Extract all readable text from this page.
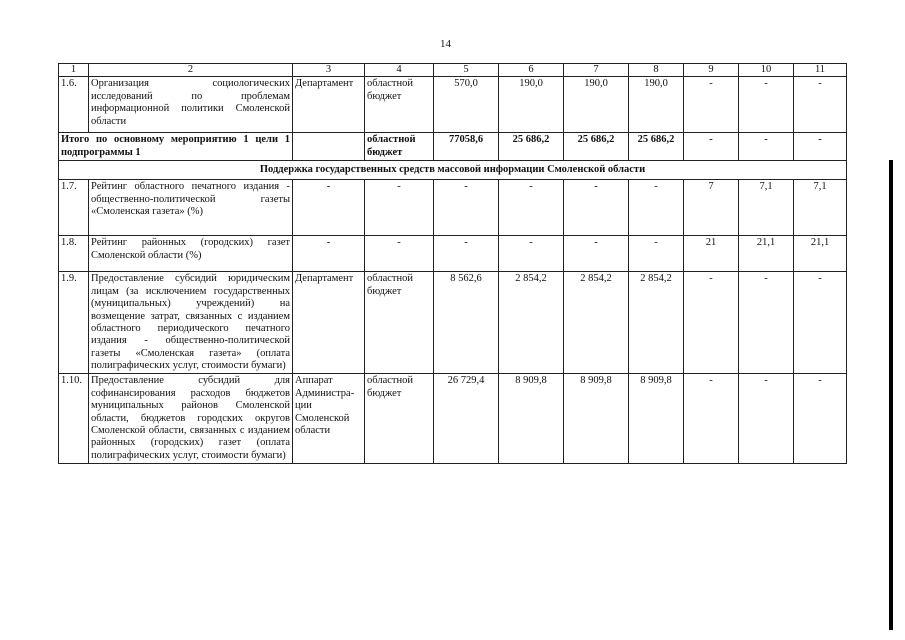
14
1	2	3	4	5	6	7	8	9	10	11
1.6.	Организация социологических исследований по проблемам информационной политики Смоленской области	Департамент	областной бюджет	570,0	190,0	190,0	190,0	-	-	-
Итого по основному мероприятию 1 цели 1 подпрограммы 1			областной бюджет	77058,6	25 686,2	25 686,2	25 686,2	-	-	-
Поддержка государственных средств массовой информации Смоленской области										
1.7.	Рейтинг областного печатного издания - общественно-политической газеты «Смоленская газета» (%)	-	-	-	-	-	-	7	7,1	7,1
1.8.	Рейтинг районных (городских) газет Смоленской области (%)	-	-	-	-	-	-	21	21,1	21,1
1.9.	Предоставление субсидий юридическим лицам (за исключением государственных (муниципальных) учреждений) на возмещение затрат, связанных с изданием областного периодического печатного издания - общественно-политической газеты «Смоленская газета» (оплата полиграфических услуг, стоимости бумаги)	Департамент	областной бюджет	8 562,6	2 854,2	2 854,2	2 854,2	-	-	-
1.10.	Предоставление субсидий для софинансирования расходов бюджетов муниципальных районов Смоленской области, бюджетов городских округов Смоленской области, связанных с изданием районных (городских) газет (оплата полиграфических услуг, стоимости бумаги)	Аппарат Администра-ции Смоленской области	областной бюджет	26 729,4	8 909,8	8 909,8	8 909,8	-	-	-
